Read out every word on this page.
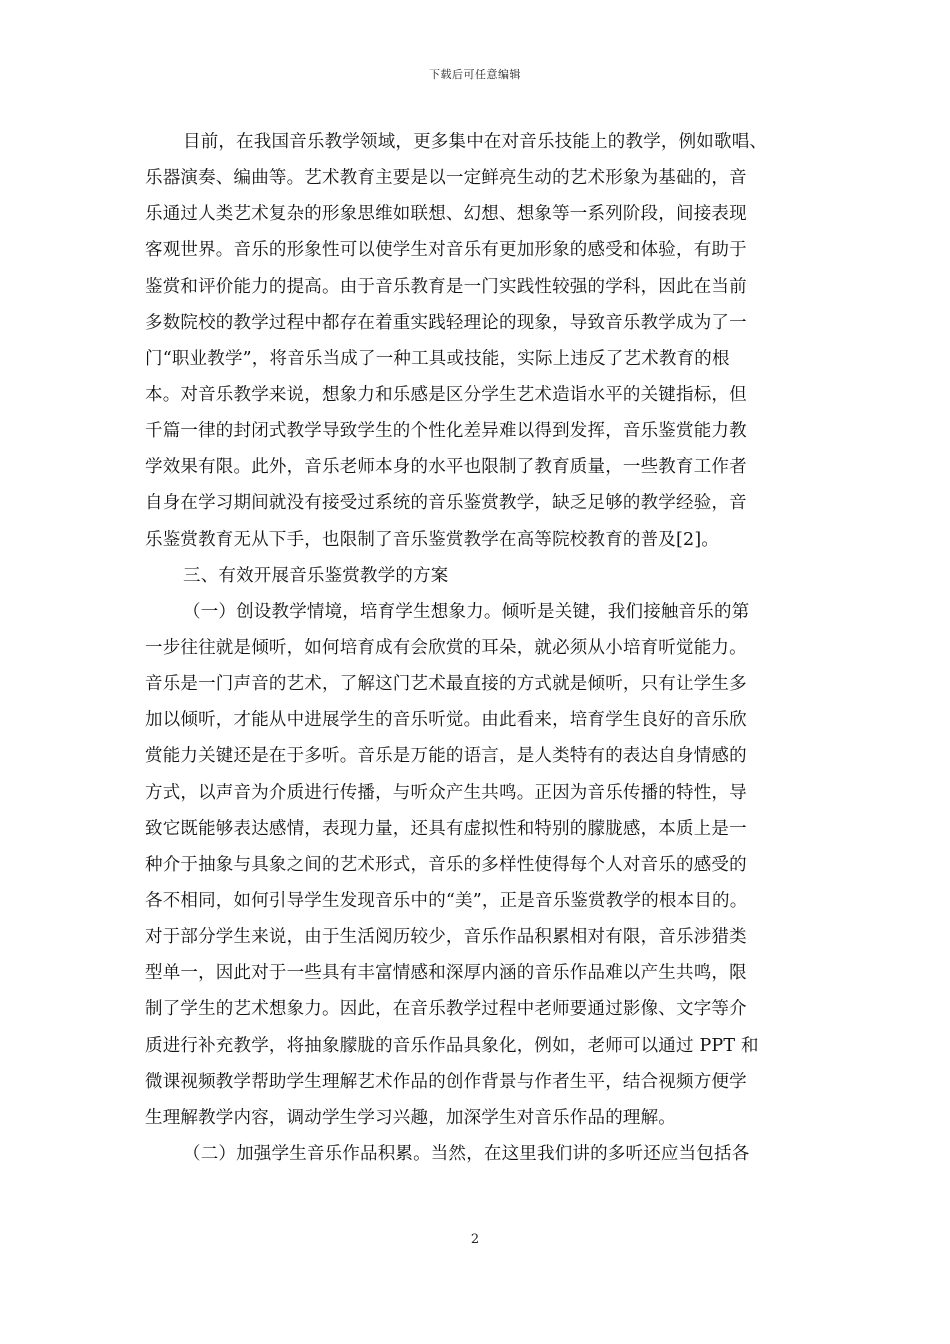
下载后可任意编辑
目前，在我国音乐教学领域，更多集中在对音乐技能上的教学，例如歌唱、
乐器演奏、编曲等。艺术教育主要是以一定鲜亮生动的艺术形象为基础的，音
乐通过人类艺术复杂的形象思维如联想、幻想、想象等一系列阶段，间接表现
客观世界。音乐的形象性可以使学生对音乐有更加形象的感受和体验，有助于
鉴赏和评价能力的提高。由于音乐教育是一门实践性较强的学科，因此在当前
多数院校的教学过程中都存在着重实践轻理论的现象，导致音乐教学成为了一
门“职业教学”，将音乐当成了一种工具或技能，实际上违反了艺术教育的根
本。对音乐教学来说，想象力和乐感是区分学生艺术造诣水平的关键指标，但
千篇一律的封闭式教学导致学生的个性化差异难以得到发挥，音乐鉴赏能力教
学效果有限。此外，音乐老师本身的水平也限制了教育质量，一些教育工作者
自身在学习期间就没有接受过系统的音乐鉴赏教学，缺乏足够的教学经验，音
乐鉴赏教育无从下手，也限制了音乐鉴赏教学在高等院校教育的普及[2]。
三、有效开展音乐鉴赏教学的方案
（一）创设教学情境，培育学生想象力。倾听是关键，我们接触音乐的第
一步往往就是倾听，如何培育成有会欣赏的耳朵，就必须从小培育听觉能力。
音乐是一门声音的艺术，了解这门艺术最直接的方式就是倾听，只有让学生多
加以倾听，才能从中进展学生的音乐听觉。由此看来，培育学生良好的音乐欣
赏能力关键还是在于多听。音乐是万能的语言，是人类特有的表达自身情感的
方式，以声音为介质进行传播，与听众产生共鸣。正因为音乐传播的特性，导
致它既能够表达感情，表现力量，还具有虚拟性和特别的朦胧感，本质上是一
种介于抽象与具象之间的艺术形式，音乐的多样性使得每个人对音乐的感受的
各不相同，如何引导学生发现音乐中的“美”，正是音乐鉴赏教学的根本目的。
对于部分学生来说，由于生活阅历较少，音乐作品积累相对有限，音乐涉猎类
型单一，因此对于一些具有丰富情感和深厚内涵的音乐作品难以产生共鸣，限
制了学生的艺术想象力。因此，在音乐教学过程中老师要通过影像、文字等介
质进行补充教学，将抽象朦胧的音乐作品具象化，例如，老师可以通过 PPT 和
微课视频教学帮助学生理解艺术作品的创作背景与作者生平，结合视频方便学
生理解教学内容，调动学生学习兴趣，加深学生对音乐作品的理解。
（二）加强学生音乐作品积累。当然，在这里我们讲的多听还应当包括各
2
